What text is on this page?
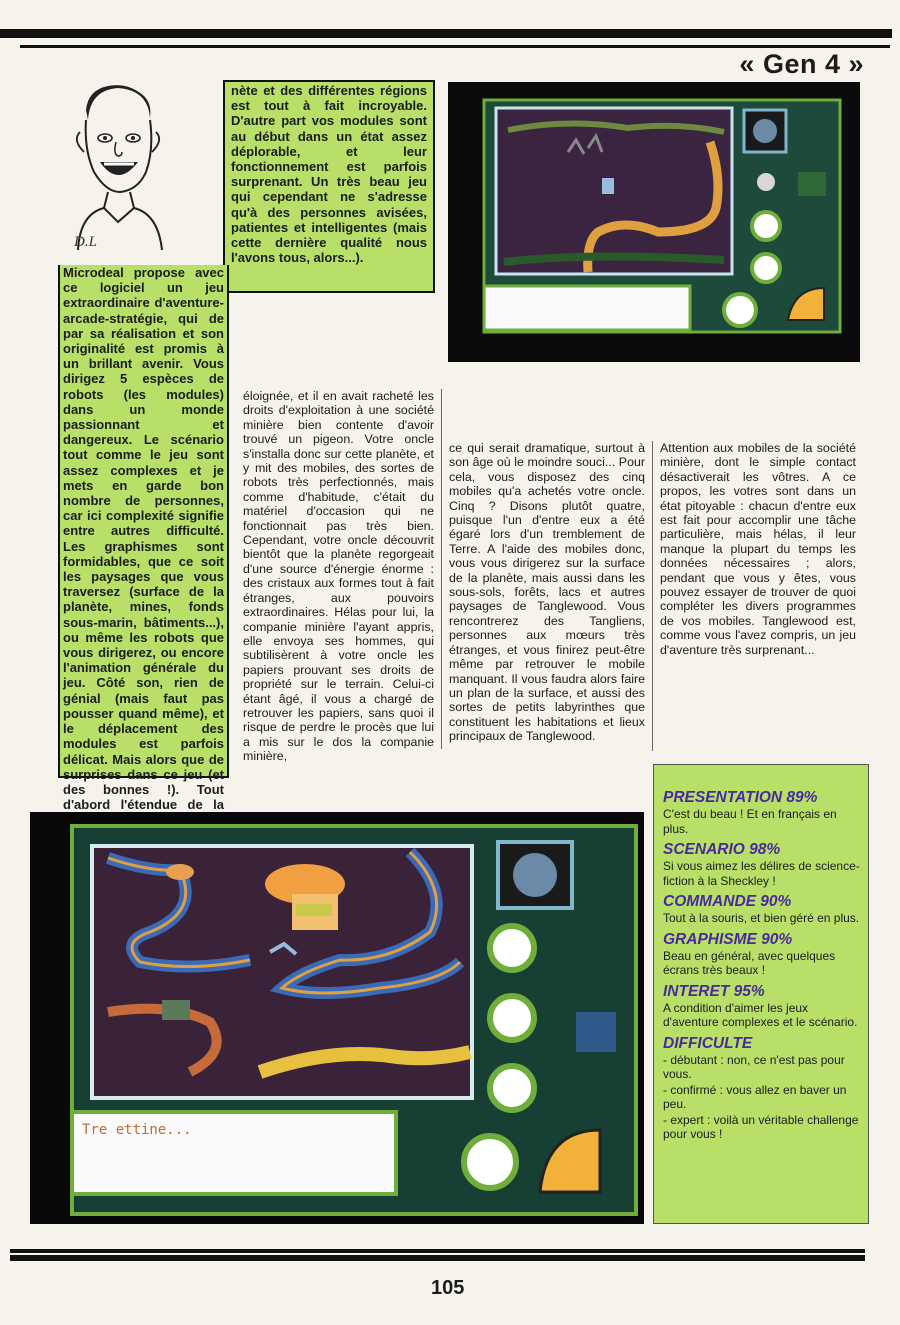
« Gen 4 »
D.L
nète et des différentes régions est tout à fait incroyable. D'autre part vos modules sont au début dans un état assez déplorable, et leur fonctionnement est parfois surprenant. Un très beau jeu qui cependant ne s'adresse qu'à des personnes avisées, patientes et intelligentes (mais cette dernière qualité nous l'avons tous, alors...).
Microdeal propose avec ce logiciel un jeu extraordinaire d'aventure-arcade-stratégie, qui de par sa réalisation et son originalité est promis à un brillant avenir. Vous dirigez 5 espèces de robots (les modules) dans un monde passionnant et dangereux. Le scénario tout comme le jeu sont assez complexes et je mets en garde bon nombre de personnes, car ici complexité signifie entre autres difficulté. Les graphismes sont formidables, que ce soit les paysages que vous traversez (surface de la planète, mines, fonds sous-marin, bâtiments...), ou même les robots que vous dirigerez, ou encore l'animation générale du jeu. Côté son, rien de génial (mais faut pas pousser quand même), et le déplacement des modules est parfois délicat. Mais alors que de surprises dans ce jeu (et des bonnes !). Tout d'abord l'étendue de la
éloignée, et il en avait racheté les droits d'exploitation à une société minière bien contente d'avoir trouvé un pigeon. Votre oncle s'installa donc sur cette planète, et y mit des mobiles, des sortes de robots très perfectionnés, mais comme d'habitude, c'était du matériel d'occasion qui ne fonctionnait pas très bien. Cependant, votre oncle découvrit bientôt que la planète regorgeait d'une source d'énergie énorme : des cristaux aux formes tout à fait étranges, aux pouvoirs extraordinaires. Hélas pour lui, la companie minière l'ayant appris, elle envoya ses hommes, qui subtilisèrent à votre oncle les papiers prouvant ses droits de propriété sur le terrain. Celui-ci étant âgé, il vous a chargé de retrouver les papiers, sans quoi il risque de perdre le procès que lui a mis sur le dos la companie minière,
ce qui serait dramatique, surtout à son âge où le moindre souci... Pour cela, vous disposez des cinq mobiles qu'a achetés votre oncle. Cinq ? Disons plutôt quatre, puisque l'un d'entre eux a été égaré lors d'un tremblement de Terre. A l'aide des mobiles donc, vous vous dirigerez sur la surface de la planète, mais aussi dans les sous-sols, forêts, lacs et autres paysages de Tanglewood. Vous rencontrerez des Tangliens, personnes aux mœurs très étranges, et vous finirez peut-être même par retrouver le mobile manquant. Il vous faudra alors faire un plan de la surface, et aussi des sortes de petits labyrinthes que constituent les habitations et lieux principaux de Tanglewood.
Attention aux mobiles de la société minière, dont le simple contact désactiverait les vôtres. A ce propos, les votres sont dans un état pitoyable : chacun d'entre eux est fait pour accomplir une tâche particulière, mais hélas, il leur manque la plupart du temps les données nécessaires ; alors, pendant que vous y êtes, vous pouvez essayer de trouver de quoi compléter les divers programmes de vos mobiles. Tanglewood est, comme vous l'avez compris, un jeu d'aventure très surprenant...
Tre ettine...
PRESENTATION 89%
C'est du beau ! Et en français en plus.
SCENARIO 98%
Si vous aimez les délires de science-fiction à la Sheckley !
COMMANDE 90%
Tout à la souris, et bien géré en plus.
GRAPHISME 90%
Beau en général, avec quelques écrans très beaux !
INTERET 95%
A condition d'aimer les jeux d'aventure complexes et le scénario.
DIFFICULTE
- débutant : non, ce n'est pas pour vous.
- confirmé : vous allez en baver un peu.
- expert : voilà un véritable challenge pour vous !
105
